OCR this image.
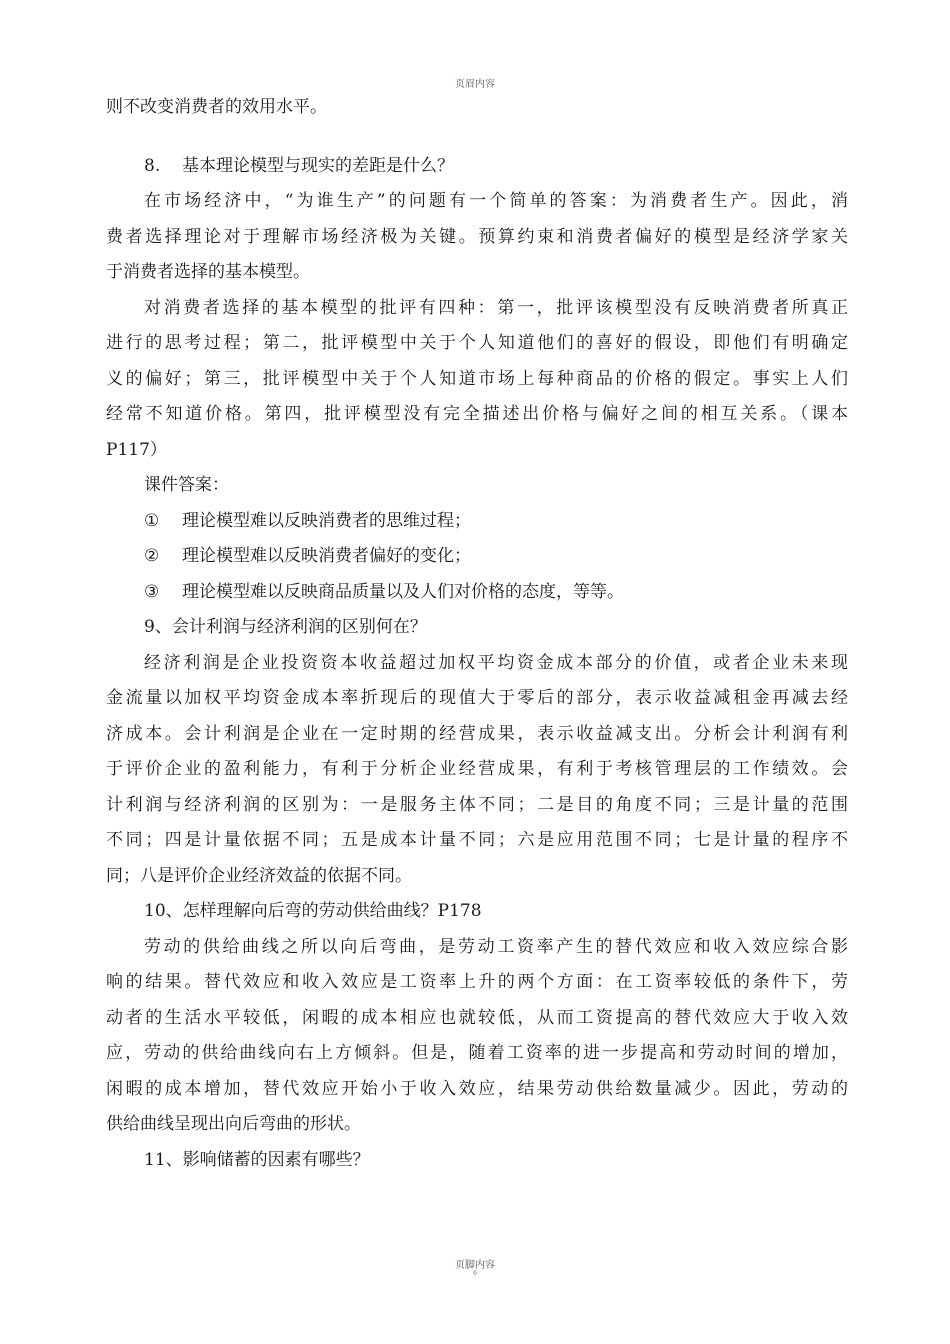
页眉内容
则不改变消费者的效用水平。
8. 基本理论模型与现实的差距是什么？
在市场经济中，“为谁生产”的问题有一个简单的答案：为消费者生产。因此，消
费者选择理论对于理解市场经济极为关键。预算约束和消费者偏好的模型是经济学家关
于消费者选择的基本模型。
对消费者选择的基本模型的批评有四种：第一，批评该模型没有反映消费者所真正
进行的思考过程；第二，批评模型中关于个人知道他们的喜好的假设，即他们有明确定
义的偏好；第三，批评模型中关于个人知道市场上每种商品的价格的假定。事实上人们
经常不知道价格。第四，批评模型没有完全描述出价格与偏好之间的相互关系。（课本
P117）
课件答案：
① 理论模型难以反映消费者的思维过程；
② 理论模型难以反映消费者偏好的变化；
③ 理论模型难以反映商品质量以及人们对价格的态度，等等。
9、会计利润与经济利润的区别何在？
经济利润是企业投资资本收益超过加权平均资金成本部分的价值，或者企业未来现
金流量以加权平均资金成本率折现后的现值大于零后的部分，表示收益减租金再减去经
济成本。会计利润是企业在一定时期的经营成果，表示收益减支出。分析会计利润有利
于评价企业的盈利能力，有利于分析企业经营成果，有利于考核管理层的工作绩效。会
计利润与经济利润的区别为：一是服务主体不同；二是目的角度不同；三是计量的范围
不同；四是计量依据不同；五是成本计量不同；六是应用范围不同；七是计量的程序不
同；八是评价企业经济效益的依据不同。
10、怎样理解向后弯的劳动供给曲线？P178
劳动的供给曲线之所以向后弯曲，是劳动工资率产生的替代效应和收入效应综合影
响的结果。替代效应和收入效应是工资率上升的两个方面：在工资率较低的条件下，劳
动者的生活水平较低，闲暇的成本相应也就较低，从而工资提高的替代效应大于收入效
应，劳动的供给曲线向右上方倾斜。但是，随着工资率的进一步提高和劳动时间的增加，
闲暇的成本增加，替代效应开始小于收入效应，结果劳动供给数量减少。因此，劳动的
供给曲线呈现出向后弯曲的形状。
11、影响储蓄的因素有哪些？
页脚内容
6
